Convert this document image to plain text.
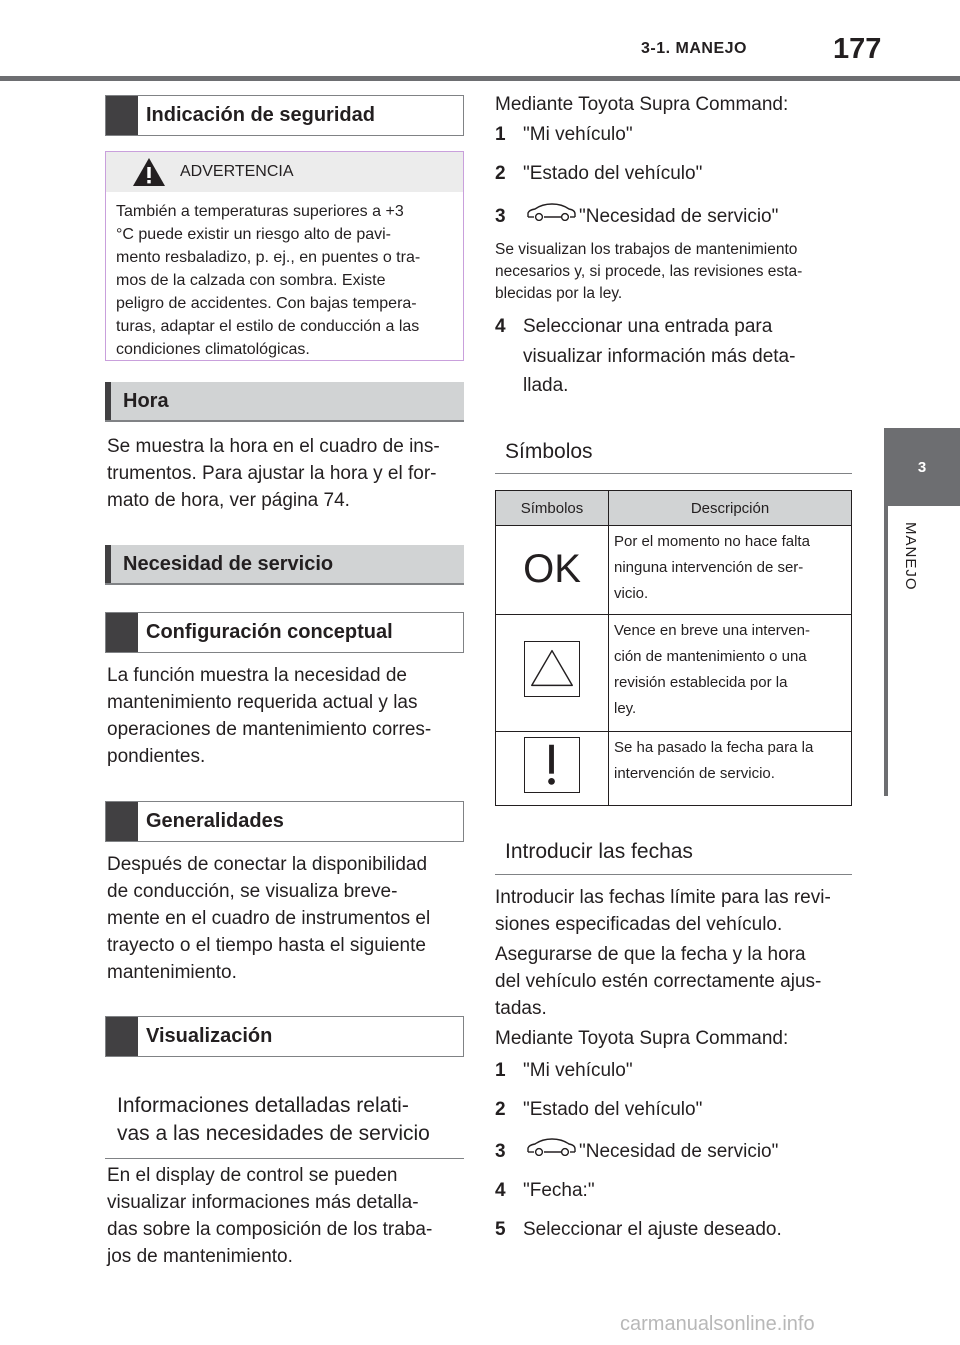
3-1. MANEJO	177
3
MANEJO
Indicación de seguridad
ADVERTENCIA
También a temperaturas superiores a +3
°C puede existir un riesgo alto de pavi-
mento resbaladizo, p. ej., en puentes o tra-
mos de la calzada con sombra. Existe
peligro de accidentes. Con bajas tempera-
turas, adaptar el estilo de conducción a las
condiciones climatológicas.
Hora
Se muestra la hora en el cuadro de ins-
trumentos. Para ajustar la hora y el for-
mato de hora, ver página 74.
Necesidad de servicio
Configuración conceptual
La función muestra la necesidad de
mantenimiento requerida actual y las
operaciones de mantenimiento corres-
pondientes.
Generalidades
Después de conectar la disponibilidad
de conducción, se visualiza breve-
mente en el cuadro de instrumentos el
trayecto o el tiempo hasta el siguiente
mantenimiento.
Visualización
Informaciones detalladas relati-
vas a las necesidades de servicio
En el display de control se pueden
visualizar informaciones más detalla-
das sobre la composición de los traba-
jos de mantenimiento.
Mediante Toyota Supra Command:
1 "Mi vehículo"
2 "Estado del vehículo"
3	"Necesidad de servicio"
Se visualizan los trabajos de mantenimiento
necesarios y, si procede, las revisiones esta-
blecidas por la ley.
4 Seleccionar una entrada para
visualizar información más deta-
llada.
Símbolos
Símbolos	Descripción
OK	Por el momento no hace falta
ninguna intervención de ser-
vicio.

Vence en breve una interven-
ción de mantenimiento o una
revisión establecida por la
ley.

Se ha pasado la fecha para la
intervención de servicio.
Introducir las fechas
Introducir las fechas límite para las revi-
siones especificadas del vehículo.
Asegurarse de que la fecha y la hora
del vehículo estén correctamente ajus-
tadas.
Mediante Toyota Supra Command:
1 "Mi vehículo"
2 "Estado del vehículo"
3	"Necesidad de servicio"
4 "Fecha:"
5 Seleccionar el ajuste deseado.
carmanualsonline.info
